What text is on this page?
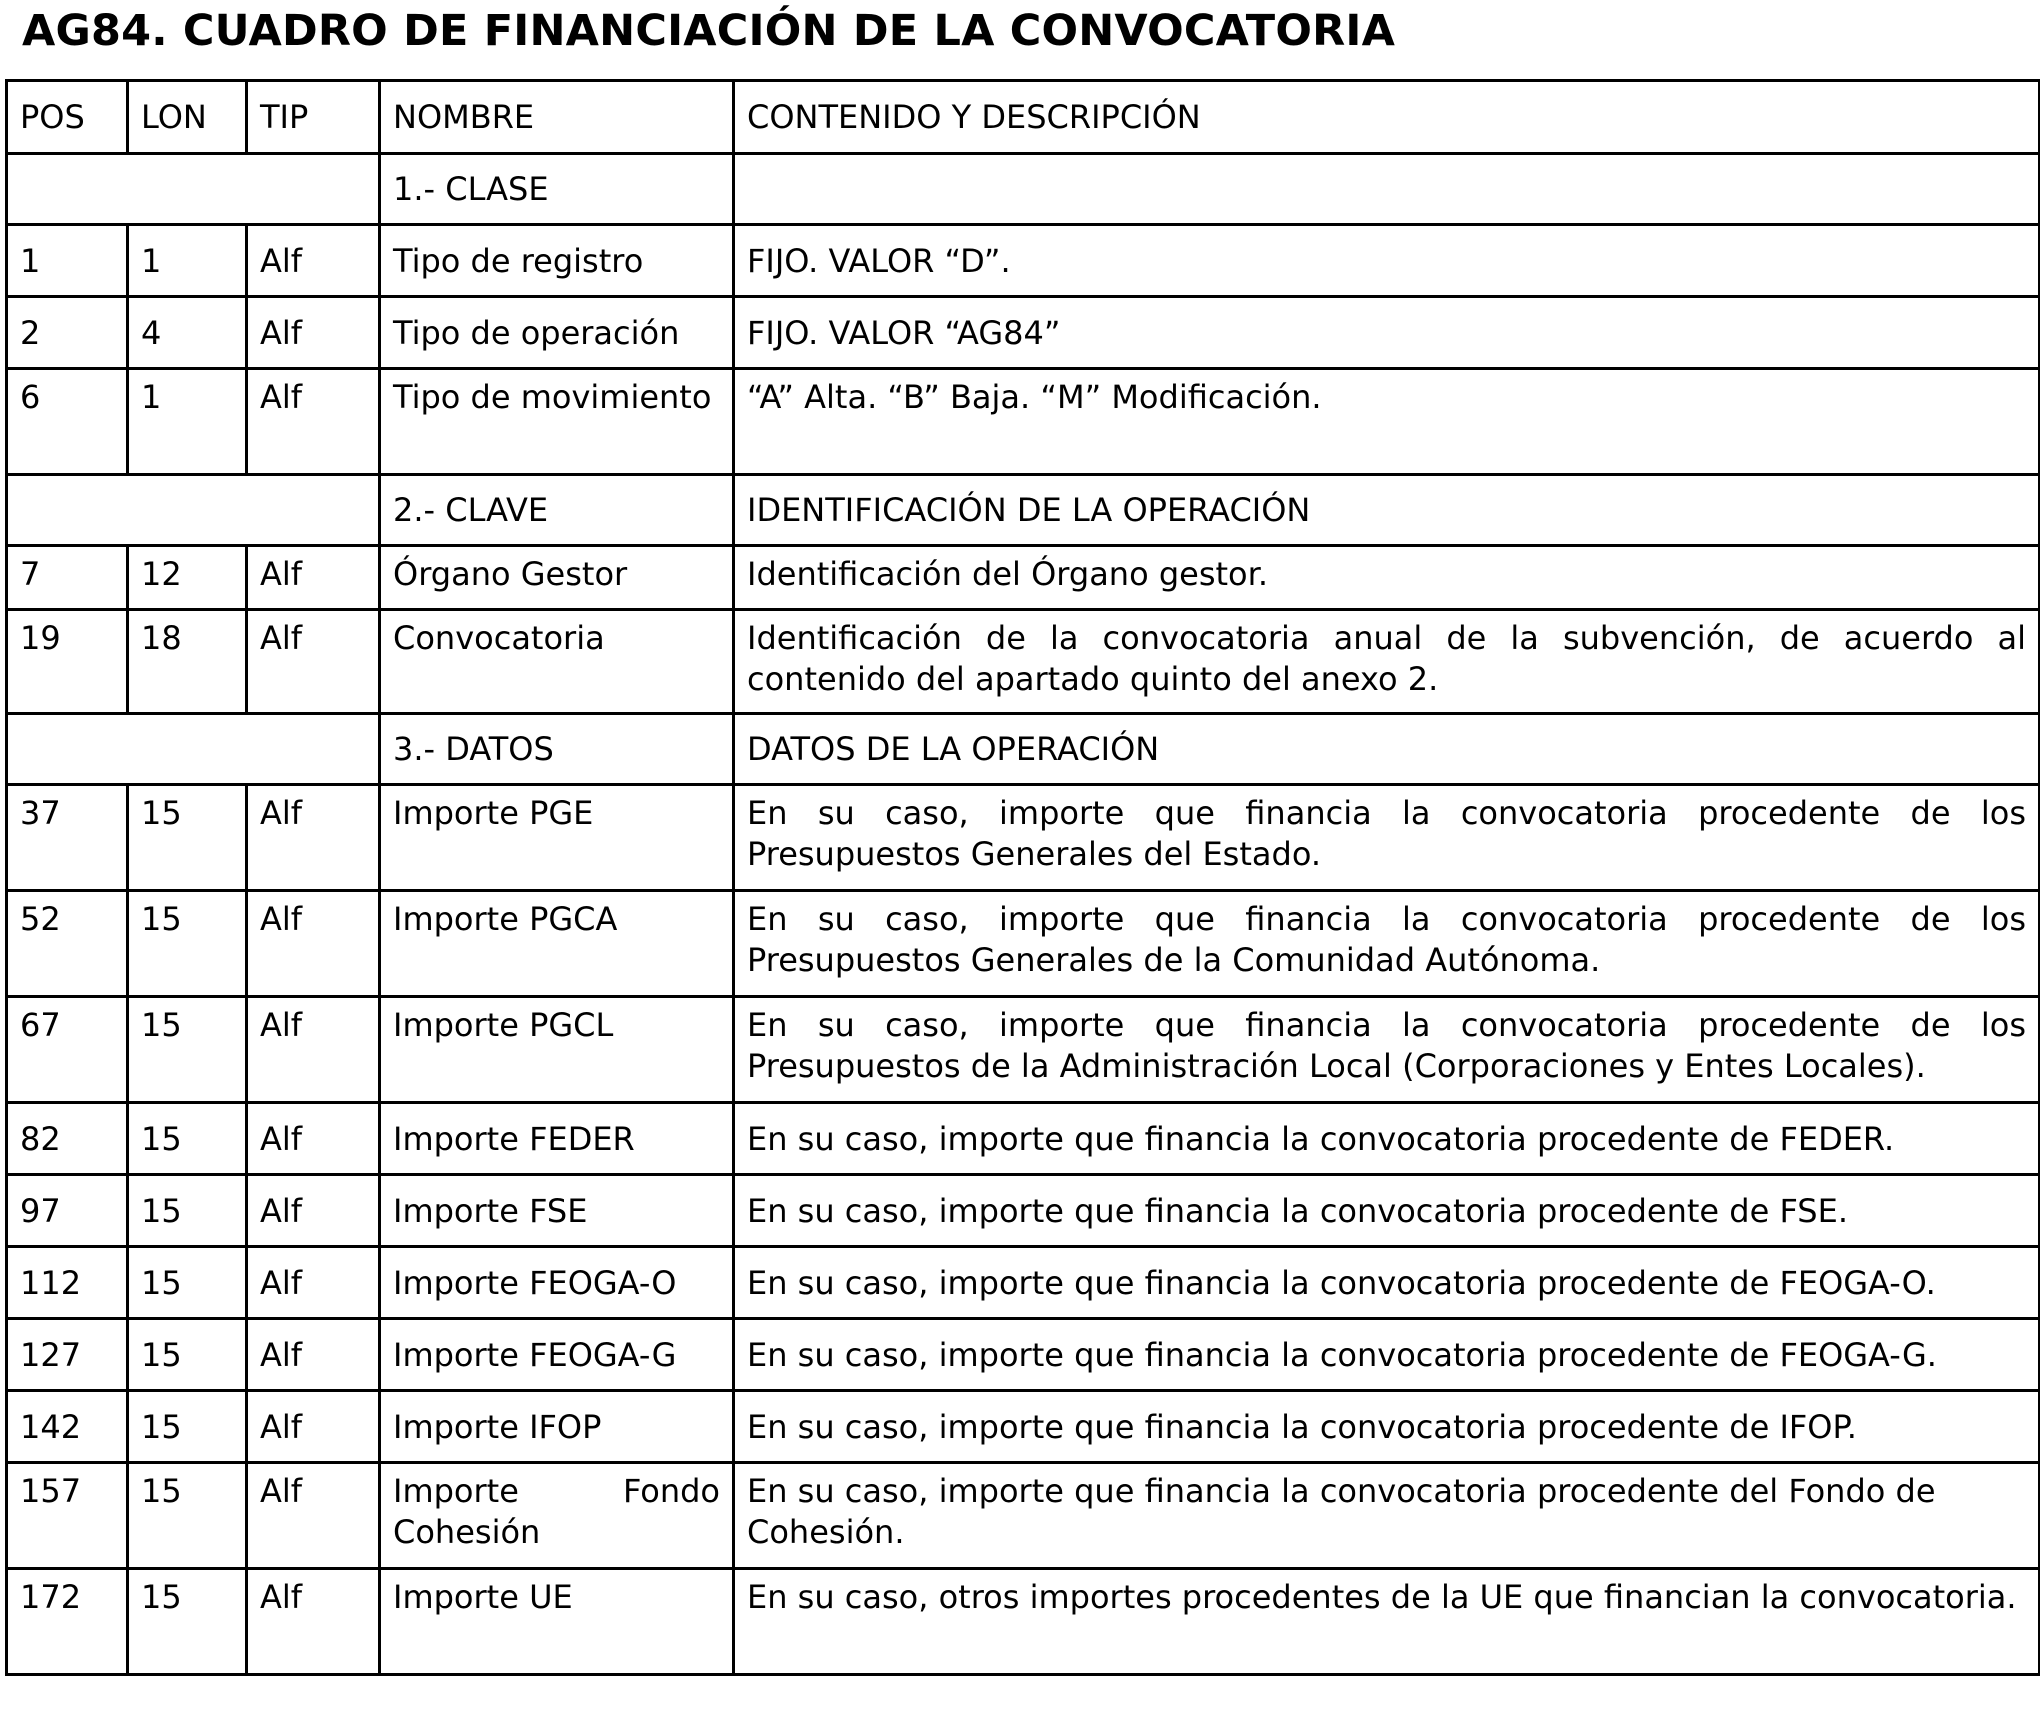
AG84. CUADRO DE FINANCIACIÓN DE LA CONVOCATORIA
POS	LON	TIP	NOMBRE	CONTENIDO Y DESCRIPCIÓN
			1.- CLASE	
1	1	Alf	Tipo de registro	FIJO. VALOR “D”.
2	4	Alf	Tipo de operación	FIJO. VALOR “AG84”
6	1	Alf	Tipo de movimiento	“A” Alta. “B” Baja. “M” Modificación.
			2.- CLAVE	IDENTIFICACIÓN DE LA OPERACIÓN
7	12	Alf	Órgano Gestor	Identificación del Órgano gestor.
19	18	Alf	Convocatoria	Identificación de la convocatoria anual de la subvención, de acuerdo al contenido del apartado quinto del anexo 2.
			3.- DATOS	DATOS DE LA OPERACIÓN
37	15	Alf	Importe PGE	En su caso, importe que financia la convocatoria procedente de los Presupuestos Generales del Estado.
52	15	Alf	Importe PGCA	En su caso, importe que financia la convocatoria procedente de los Presupuestos Generales de la Comunidad Autónoma.
67	15	Alf	Importe PGCL	En su caso, importe que financia la convocatoria procedente de los Presupuestos de la Administración Local (Corporaciones y Entes Locales).
82	15	Alf	Importe FEDER	En su caso, importe que financia la convocatoria procedente de FEDER.
97	15	Alf	Importe FSE	En su caso, importe que financia la convocatoria procedente de FSE.
112	15	Alf	Importe FEOGA-O	En su caso, importe que financia la convocatoria procedente de FEOGA-O.
127	15	Alf	Importe FEOGA-G	En su caso, importe que financia la convocatoria procedente de FEOGA-G.
142	15	Alf	Importe IFOP	En su caso, importe que financia la convocatoria procedente de IFOP.
157	15	Alf	Importe Fondo Cohesión	En su caso, importe que financia la convocatoria procedente del Fondo de Cohesión.
172	15	Alf	Importe UE	En su caso, otros importes procedentes de la UE que financian la convocatoria.
